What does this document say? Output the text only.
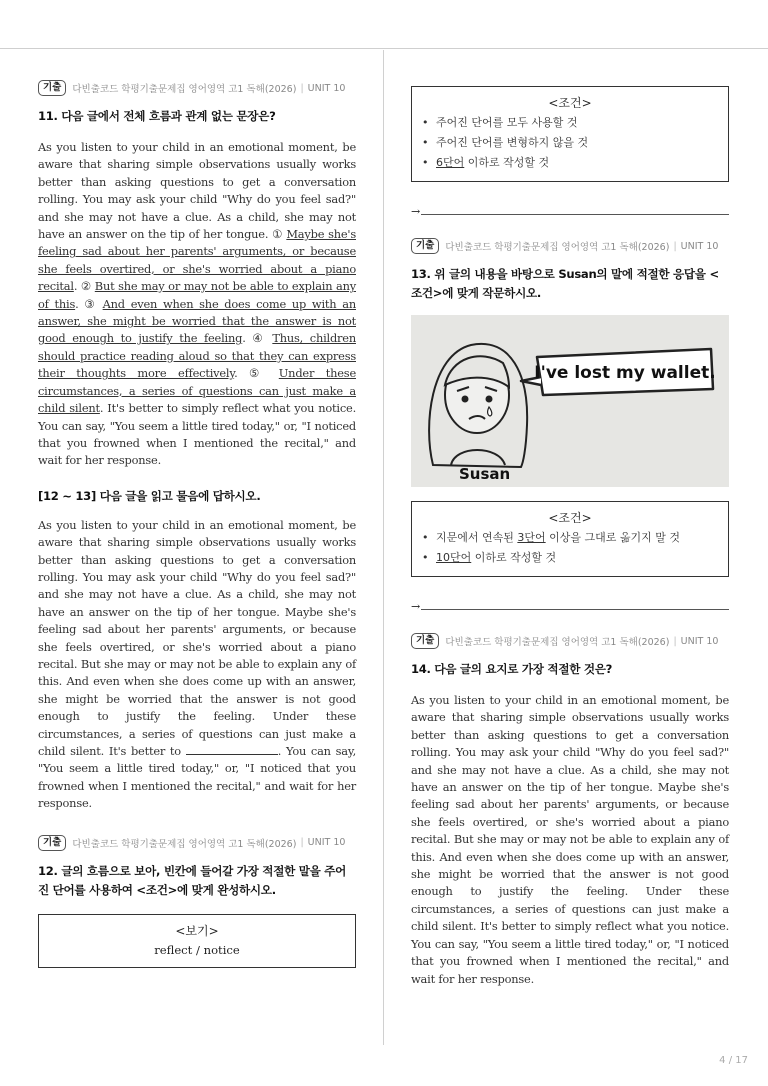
기출	다빈출코드 학평기출문제집 영어영역 고1 독해(2026) | UNIT 10
11. 다음 글에서 전체 흐름과 관계 없는 문장은?

As you listen to your child in an emotional moment, be aware that sharing simple observations usually works better than asking questions to get a conversation rolling. You may ask your child "Why do you feel sad?" and she may not have a clue. As a child, she may not have an answer on the tip of her tongue. ① Maybe she's feeling sad about her parents' arguments, or because she feels overtired, or she's worried about a piano recital. ② But she may or may not be able to explain any of this. ③ And even when she does come up with an answer, she might be worried that the answer is not good enough to justify the feeling. ④ Thus, children should practice reading aloud so that they can express their thoughts more effectively. ⑤ Under these circumstances, a series of questions can just make a child silent. It's better to simply reflect what you notice. You can say, "You seem a little tired today," or, "I noticed that you frowned when I mentioned the recital," and wait for her response.

[12 ~ 13] 다음 글을 읽고 물음에 답하시오.

As you listen to your child in an emotional moment, be aware that sharing simple observations usually works better than asking questions to get a conversation rolling. You may ask your child "Why do you feel sad?" and she may not have a clue. As a child, she may not have an answer on the tip of her tongue. Maybe she's feeling sad about her parents' arguments, or because she feels overtired, or she's worried about a piano recital. But she may or may not be able to explain any of this. And even when she does come up with an answer, she might be worried that the answer is not good enough to justify the feeling. Under these circumstances, a series of questions can just make a child silent. It's better to	. You can say, "You seem a little tired today," or, "I noticed that you frowned when I mentioned the recital," and wait for her response.

기출	다빈출코드 학평기출문제집 영어영역 고1 독해(2026) | UNIT 10
12. 글의 흐름으로 보아, 빈칸에 들어갈 가장 적절한 말을 주어진 단어를 사용하여 <조건>에 맞게 완성하시오.
<보기>
reflect / notice
<조건>
• 주어진 단어를 모두 사용할 것
• 주어진 단어를 변형하지 않을 것
• 6단어 이하로 작성할 것
→
기출	다빈출코드 학평기출문제집 영어영역 고1 독해(2026) | UNIT 10
13. 위 글의 내용을 바탕으로 Susan의 말에 적절한 응답을 <조건>에 맞게 작문하시오.
I've lost my wallet.
Susan
<조건>
• 지문에서 연속된 3단어 이상을 그대로 옮기지 말 것
• 10단어 이하로 작성할 것
→
기출	다빈출코드 학평기출문제집 영어영역 고1 독해(2026) | UNIT 10
14. 다음 글의 요지로 가장 적절한 것은?

As you listen to your child in an emotional moment, be aware that sharing simple observations usually works better than asking questions to get a conversation rolling. You may ask your child "Why do you feel sad?" and she may not have a clue. As a child, she may not have an answer on the tip of her tongue. Maybe she's feeling sad about her parents' arguments, or because she feels overtired, or she's worried about a piano recital. But she may or may not be able to explain any of this. And even when she does come up with an answer, she might be worried that the answer is not good enough to justify the feeling. Under these circumstances, a series of questions can just make a child silent. It's better to simply reflect what you notice. You can say, "You seem a little tired today," or, "I noticed that you frowned when I mentioned the recital," and wait for her response.

4 / 17
